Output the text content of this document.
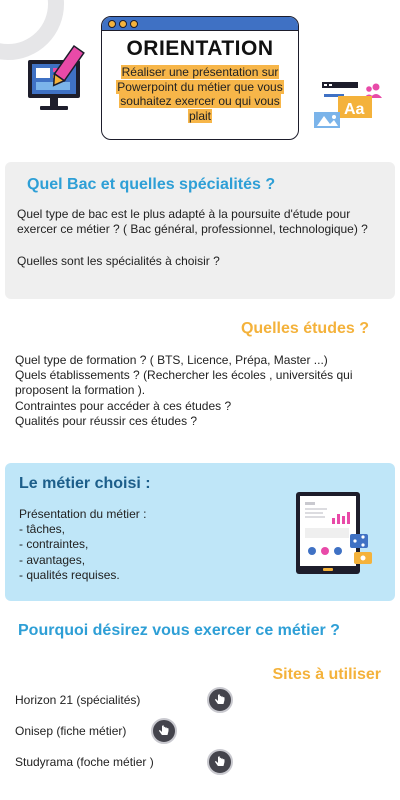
ORIENTATION
Réaliser une présentation sur Powerpoint du métier que vous souhaitez exercer ou qui vous plait	Aa
Quel Bac et quelles spécialités ?
Quel type de bac est le plus adapté à la poursuite d'étude pour exercer ce métier ? ( Bac général, professionnel, technologique) ?
Quelles sont les spécialités à choisir ?
Quelles études ?
Quel type de formation ? ( BTS, Licence, Prépa, Master ...)
Quels établissements ? (Rechercher les écoles , universités qui proposent la formation ).
Contraintes pour accéder à ces études ?
Qualités pour réussir ces études ?
Le métier choisi :
Présentation du métier :
- tâches,
- contraintes,
- avantages,
- qualités requises.
Pourquoi désirez vous exercer ce métier ?
Sites à utiliser
Horizon 21 (spécialités)
Onisep (fiche métier)
Studyrama (foche métier )
